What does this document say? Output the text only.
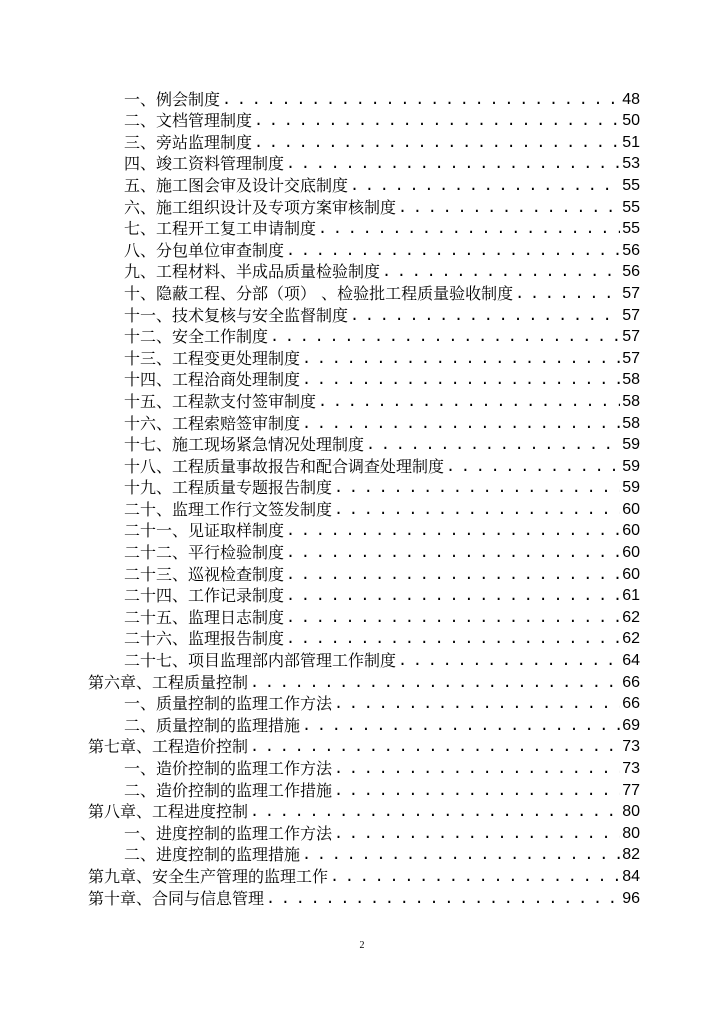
一、例会制度 . . .	48
二、文档管理制度 . . .	50
三、旁站监理制度 . . .	51
四、竣工资料管理制度 . . .	53
五、施工图会审及设计交底制度 . . .	55
六、施工组织设计及专项方案审核制度 . . .	55
七、工程开工复工申请制度 . . .	55
八、分包单位审查制度 . . .	56
九、工程材料、半成品质量检验制度 . . .	56
十、隐蔽工程、分部（项） 、检验批工程质量验收制度 . . .	57
十一、技术复核与安全监督制度 . . .	57
十二、安全工作制度 . . .	57
十三、工程变更处理制度 . . .	57
十四、工程洽商处理制度 . . .	58
十五、工程款支付签审制度 . . .	58
十六、工程索赔签审制度 . . .	58
十七、施工现场紧急情况处理制度 . . .	59
十八、工程质量事故报告和配合调查处理制度 . . .	59
十九、工程质量专题报告制度 . . .	59
二十、监理工作行文签发制度 . . .	60
二十一、见证取样制度 . . .	60
二十二、平行检验制度 . . .	60
二十三、巡视检查制度 . . .	60
二十四、工作记录制度 . . .	61
二十五、监理日志制度 . . .	62
二十六、监理报告制度 . . .	62
二十七、项目监理部内部管理工作制度 . . .	64
第六章、工程质量控制 . . .	66
一、质量控制的监理工作方法 . . .	66
二、质量控制的监理措施 . . .	69
第七章、工程造价控制 . . .	73
一、造价控制的监理工作方法 . . .	73
二、造价控制的监理工作措施 . . .	77
第八章、工程进度控制 . . .	80
一、进度控制的监理工作方法 . . .	80
二、进度控制的监理措施 . . .	82
第九章、安全生产管理的监理工作 . . .	84
第十章、合同与信息管理 . . .	96
2
